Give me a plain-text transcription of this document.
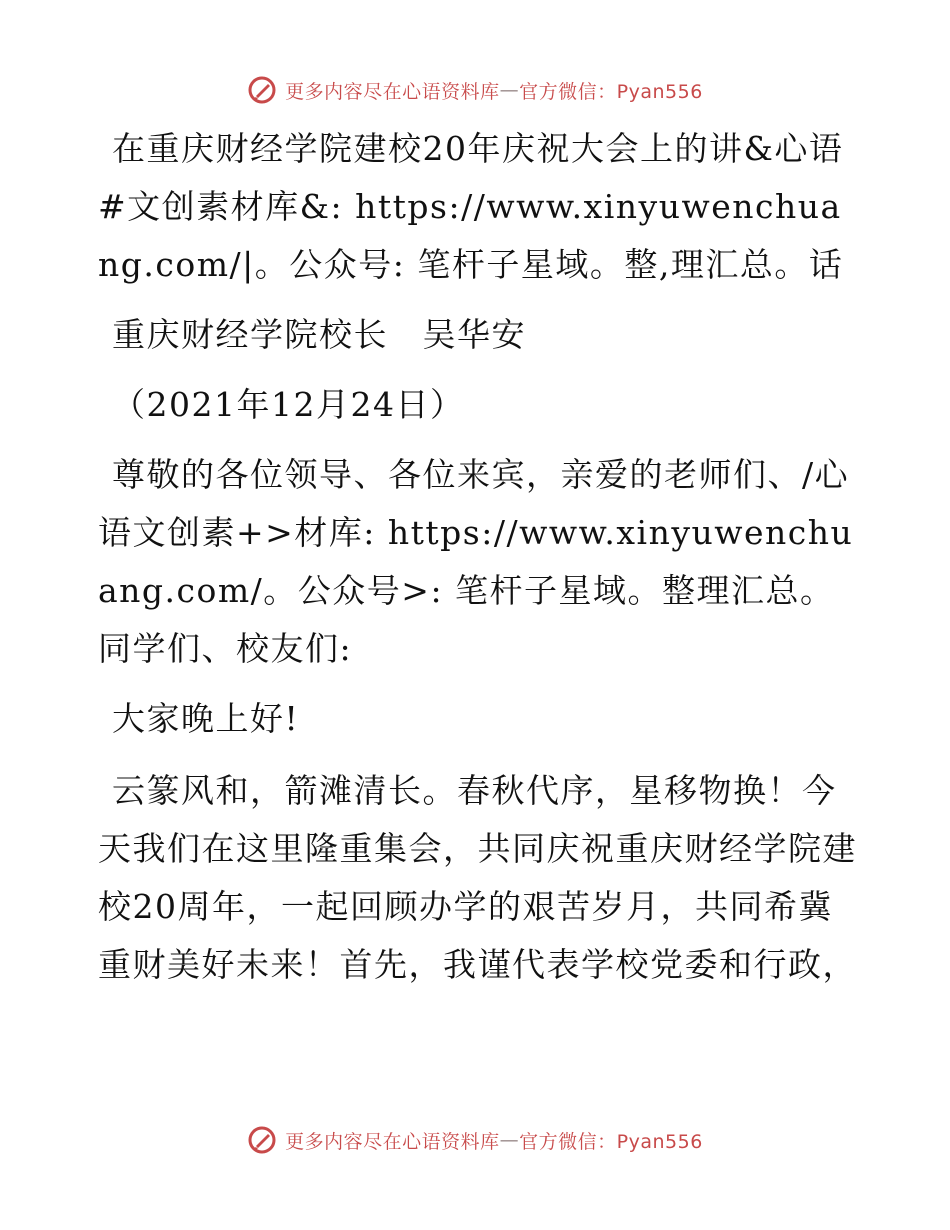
更多内容尽在心语资料库 — 官方微信：Pyan556

在重庆财经学院建校20年庆祝大会上的讲&心语#文创素材库&: https://www.xinyuwenchuang.com/|。公众号: 笔杆子星域。整,理汇总。话

重庆财经学院校长　吴华安

（2021年12月24日）

尊敬的各位领导、各位来宾，亲爱的老师们、/心语文创素+>材库: https://www.xinyuwenchuang.com/。公众号>: 笔杆子星域。整理汇总。同学们、校友们:

大家晚上好!

云篆风和，箭滩清长。春秋代序，星移物换！今天我们在这里隆重集会，共同庆祝重庆财经学院建校20周年，一起回顾办学的艰苦岁月，共同希冀重财美好未来！首先，我谨代表学校党委和行政，

更多内容尽在心语资料库 — 官方微信：Pyan556
